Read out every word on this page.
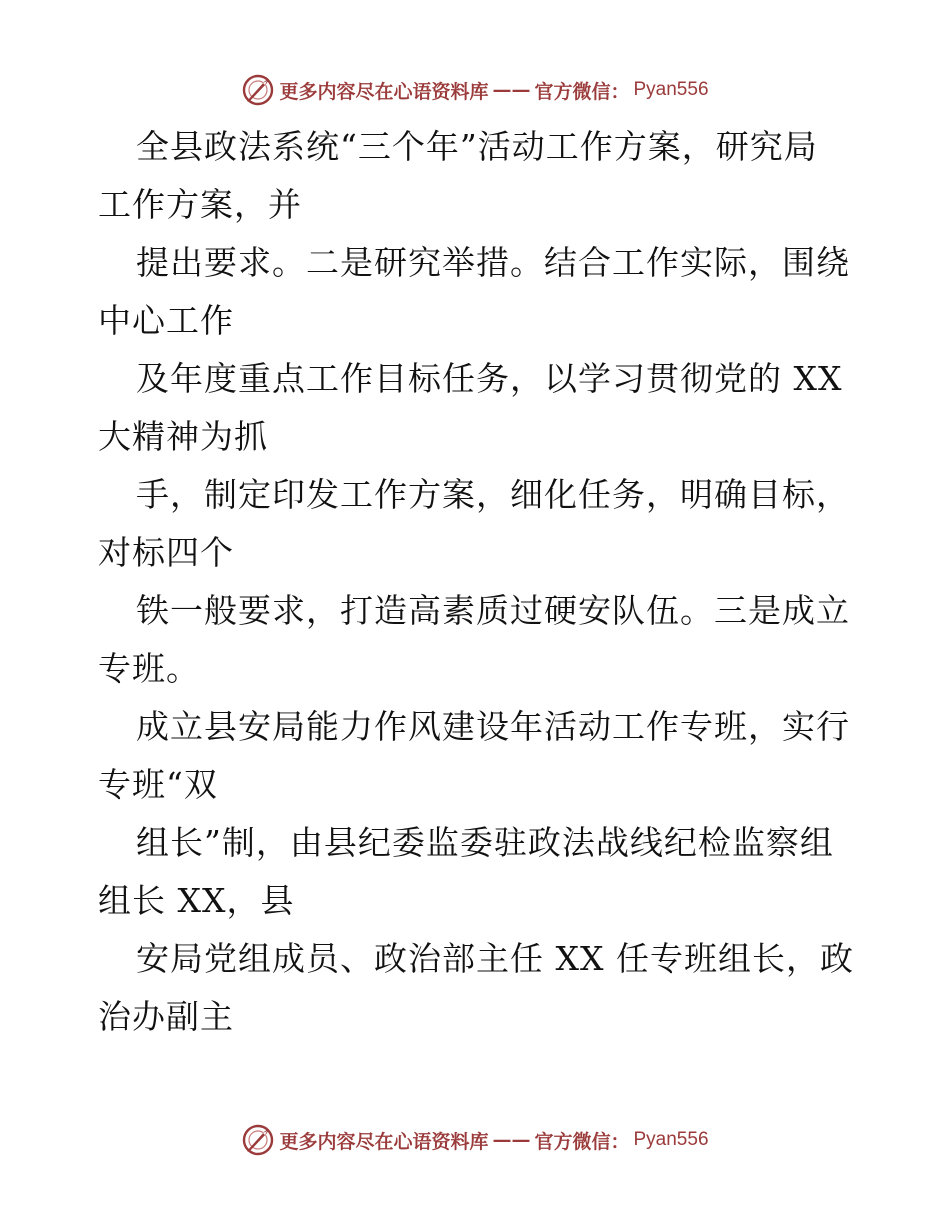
更多内容尽在心语资料库 —— 官方微信： Pyan556
全县政法系统“三个年”活动工作方案，研究局
工作方案，并
提出要求。二是研究举措。结合工作实际，围绕
中心工作
及年度重点工作目标任务，以学习贯彻党的 XX
大精神为抓
手，制定印发工作方案，细化任务，明确目标，
对标四个
铁一般要求，打造高素质过硬安队伍。三是成立
专班。
成立县安局能力作风建设年活动工作专班，实行
专班“双
组长”制，由县纪委监委驻政法战线纪检监察组
组长 XX，县
安局党组成员、政治部主任 XX 任专班组长，政
治办副主
更多内容尽在心语资料库 —— 官方微信： Pyan556
